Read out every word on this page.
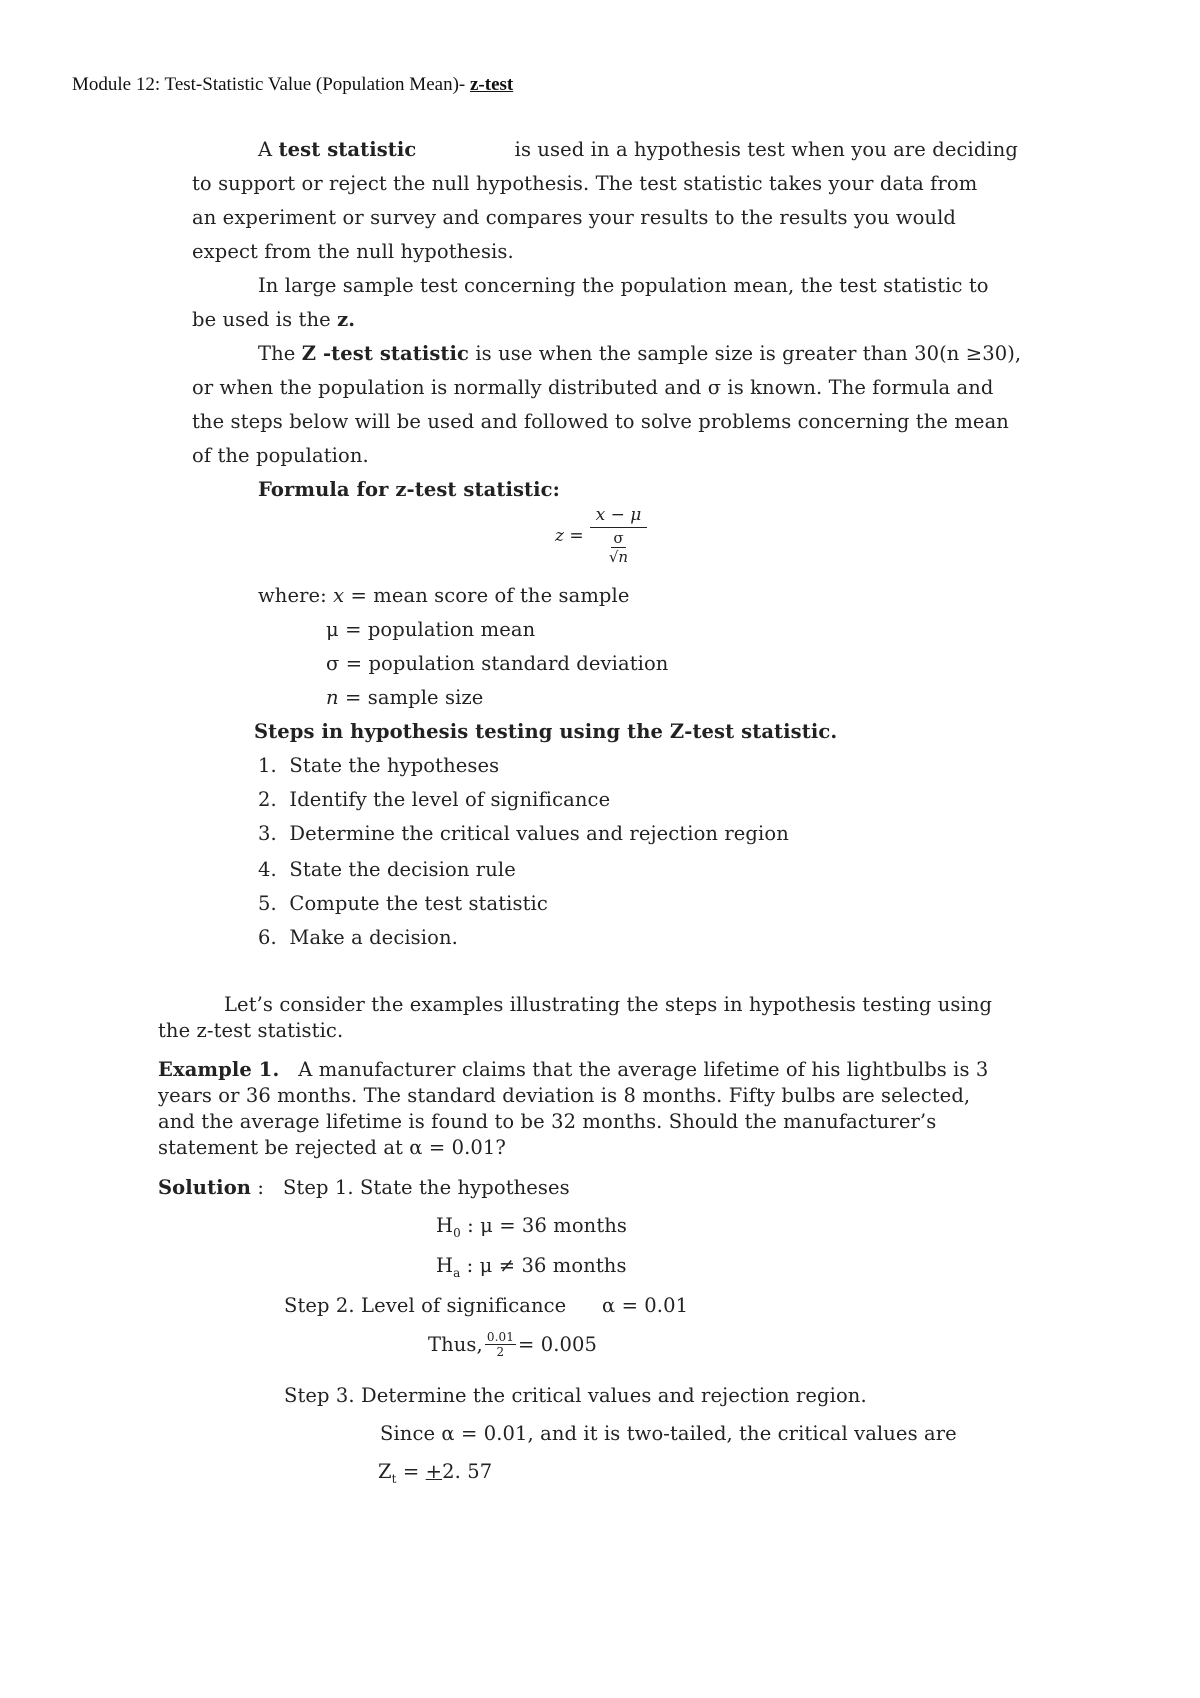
Module 12: Test-Statistic Value (Population Mean)- z-test
A test statistic	is used in a hypothesis test when you are deciding
to support or reject the null hypothesis. The test statistic takes your data from
an experiment or survey and compares your results to the results you would
expect from the null hypothesis.
In large sample test concerning the population mean, the test statistic to
be used is the z.
The Z -test statistic is use when the sample size is greater than 30(n ≥30),
or when the population is normally distributed and σ is known. The formula and
the steps below will be used and followed to solve problems concerning the mean
of the population.
Formula for z-test statistic:
$z = \frac{x - \mu}{\frac{\sigma}{√n}}$
where: x = mean score of the sample
μ = population mean
σ = population standard deviation
n = sample size
Steps in hypothesis testing using the Z-test statistic.
1. State the hypotheses
2. Identify the level of significance
3. Determine the critical values and rejection region
4. State the decision rule
5. Compute the test statistic
6. Make a decision.
Let’s consider the examples illustrating the steps in hypothesis testing using
the z-test statistic.
Example 1. A manufacturer claims that the average lifetime of his lightbulbs is 3
years or 36 months. The standard deviation is 8 months. Fifty bulbs are selected,
and the average lifetime is found to be 32 months. Should the manufacturer’s
statement be rejected at α = 0.01?
Solution : Step 1. State the hypotheses
$H_0$ : μ = 36 months
$H_a$ : μ ≠ 36 months
Step 2. Level of significance α = 0.01
Thus, $\frac{0.01}{2} = 0.005$
Step 3. Determine the critical values and rejection region.
Since α = 0.01, and it is two-tailed, the critical values are
$Z_t = +2$. 57
